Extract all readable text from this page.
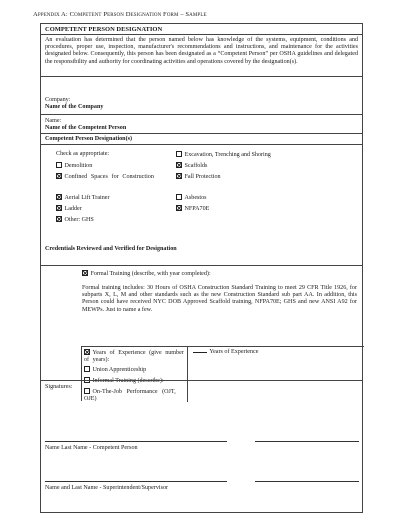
Appendix A: Competent Person Designation Form – Sample
COMPETENT PERSON DESIGNATION
An evaluation has determined that the person named below has knowledge of the systems, equipment, conditions and procedures, proper use, inspection, manufacturer's recommendations and instructions, and maintenance for the activities designated below. Consequently, this person has been designated as a “Competent Person” per OSHA guidelines and delegated the responsibility and authority for coordinating activities and operations covered by the designation(s).
Company:
Name of the Company
Name:
Name of the Competent Person
Competent Person Designation(s)
Check as appropriate:	Excavation, Trenching and Shoring
Demolition	Scaffolds
Confined Spaces for Construction	Fall Protection
Aerial Lift Trainer	Asbestos
Ladder	NFPA70E
Other: GHS
Credentials Reviewed and Verified for Designation
Formal Training (describe, with year completed):
Formal training includes: 30 Hours of OSHA Construction Standard Training to meet 29 CFR Title 1926, for subparts X, L, M and other standards such as the new Construction Standard sub part AA. In addition, this Person could have received NYC DOB Approved Scaffold training, NFPA70E; GHS and new ANSI A92 for MEWPs. Just to name a few.
Years of Experience (give number of years):
Years of Experience
Union Apprenticeship
Informal Training (describe):
On-The-Job Performance (OJT, OJE)
Signatures:
Name Last Name - Competent Person
Name and Last Name - Superintendent/Supervisor
